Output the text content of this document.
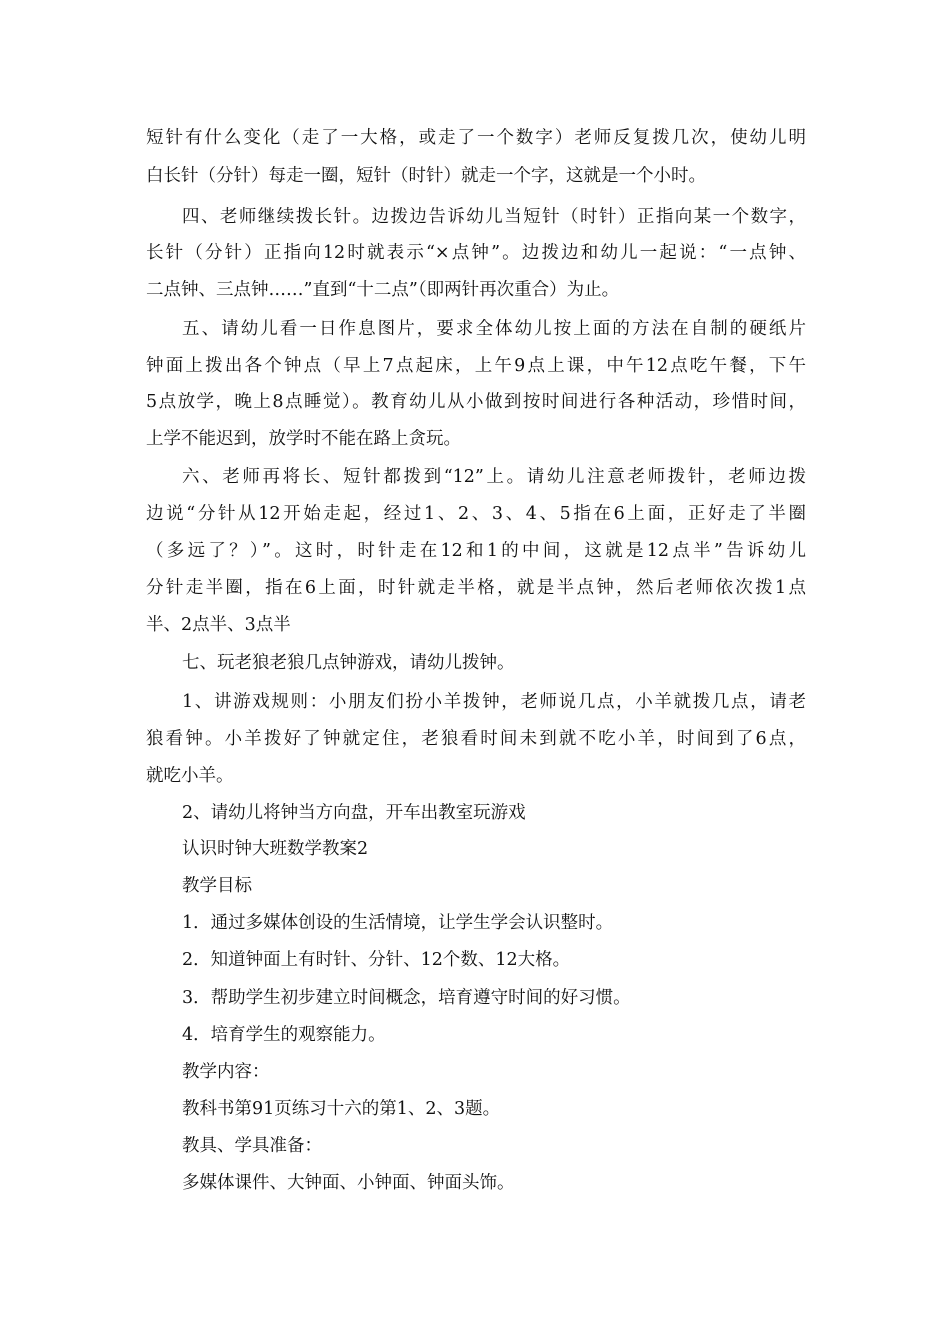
短针有什么变化（走了一大格，或走了一个数字）老师反复拨几次，使幼儿明
白长针（分针）每走一圈，短针（时针）就走一个字，这就是一个小时。
四、老师继续拨长针。边拨边告诉幼儿当短针（时针）正指向某一个数字，
长针（分针）正指向12时就表示“×点钟”。边拨边和幼儿一起说：“一点钟、
二点钟、三点钟……”直到“十二点”（即两针再次重合）为止。
五、请幼儿看一日作息图片，要求全体幼儿按上面的方法在自制的硬纸片
钟面上拨出各个钟点（早上7点起床，上午9点上课，中午12点吃午餐，下午
5点放学，晚上8点睡觉）。教育幼儿从小做到按时间进行各种活动，珍惜时间，
上学不能迟到，放学时不能在路上贪玩。
六、老师再将长、短针都拨到“12”上。请幼儿注意老师拨针，老师边拨
边说“分针从12开始走起，经过1、2、3、4、5指在6上面，正好走了半圈
（多远了？）”。这时，时针走在12和1的中间，这就是12点半”告诉幼儿
分针走半圈，指在6上面，时针就走半格，就是半点钟，然后老师依次拨1点
半、2点半、3点半
七、玩老狼老狼几点钟游戏，请幼儿拨钟。
1、讲游戏规则：小朋友们扮小羊拨钟，老师说几点，小羊就拨几点，请老
狼看钟。小羊拨好了钟就定住，老狼看时间未到就不吃小羊，时间到了6点，
就吃小羊。
2、请幼儿将钟当方向盘，开车出教室玩游戏
认识时钟大班数学教案2
教学目标
1．通过多媒体创设的生活情境，让学生学会认识整时。
2．知道钟面上有时针、分针、12个数、12大格。
3．帮助学生初步建立时间概念，培育遵守时间的好习惯。
4．培育学生的观察能力。
教学内容：
教科书第91页练习十六的第1、2、3题。
教具、学具准备：
多媒体课件、大钟面、小钟面、钟面头饰。
